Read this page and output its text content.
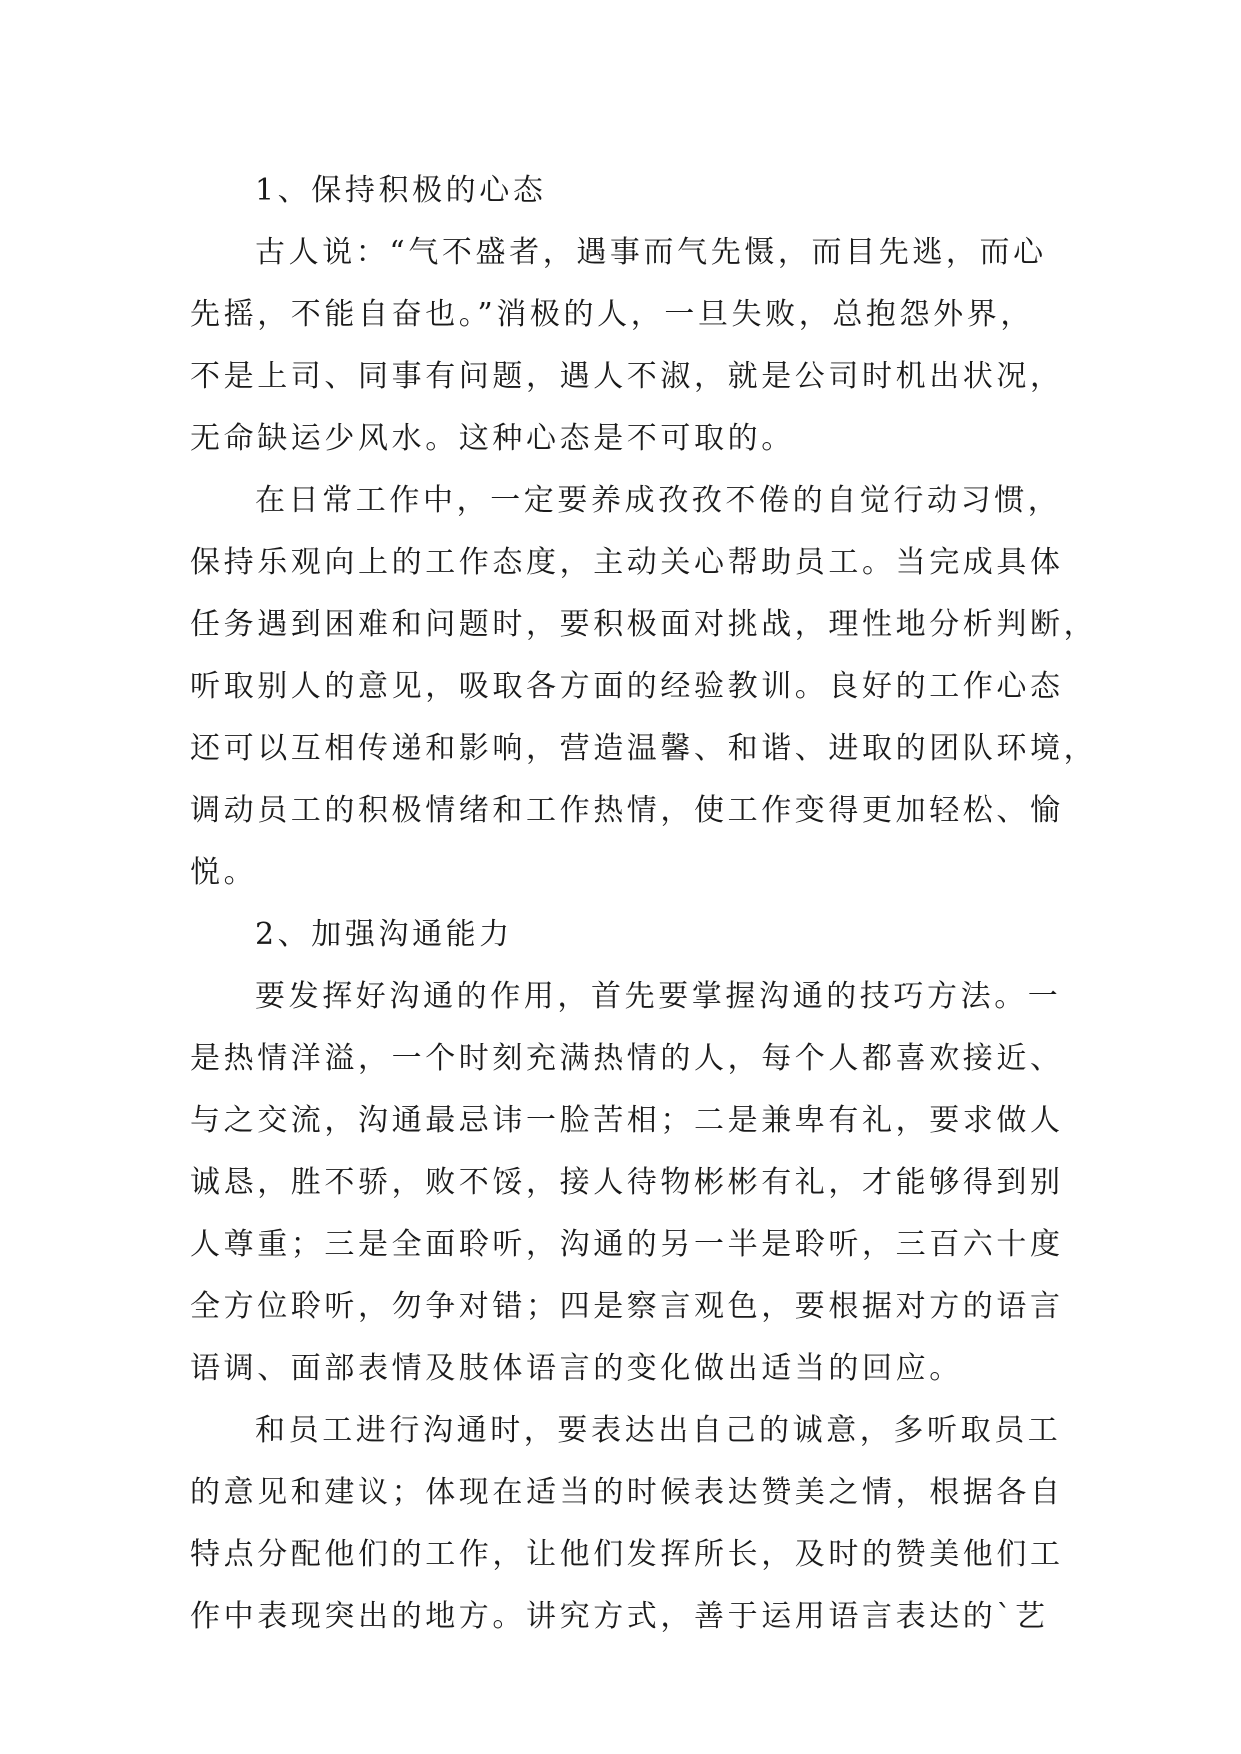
1、保持积极的心态
古人说：“气不盛者，遇事而气先慑，而目先逃，而心
先摇，不能自奋也。”消极的人，一旦失败，总抱怨外界，
不是上司、同事有问题，遇人不淑，就是公司时机出状况，
无命缺运少风水。这种心态是不可取的。
在日常工作中，一定要养成孜孜不倦的自觉行动习惯，
保持乐观向上的工作态度，主动关心帮助员工。当完成具体
任务遇到困难和问题时，要积极面对挑战，理性地分析判断，
听取别人的意见，吸取各方面的经验教训。良好的工作心态
还可以互相传递和影响，营造温馨、和谐、进取的团队环境，
调动员工的积极情绪和工作热情，使工作变得更加轻松、愉
悦。
2、加强沟通能力
要发挥好沟通的作用，首先要掌握沟通的技巧方法。一
是热情洋溢，一个时刻充满热情的人，每个人都喜欢接近、
与之交流，沟通最忌讳一脸苦相；二是兼卑有礼，要求做人
诚恳，胜不骄，败不馁，接人待物彬彬有礼，才能够得到别
人尊重；三是全面聆听，沟通的另一半是聆听，三百六十度
全方位聆听，勿争对错；四是察言观色，要根据对方的语言
语调、面部表情及肢体语言的变化做出适当的回应。
和员工进行沟通时，要表达出自己的诚意，多听取员工
的意见和建议；体现在适当的时候表达赞美之情，根据各自
特点分配他们的工作，让他们发挥所长，及时的赞美他们工
作中表现突出的地方。讲究方式，善于运用语言表达的`艺
